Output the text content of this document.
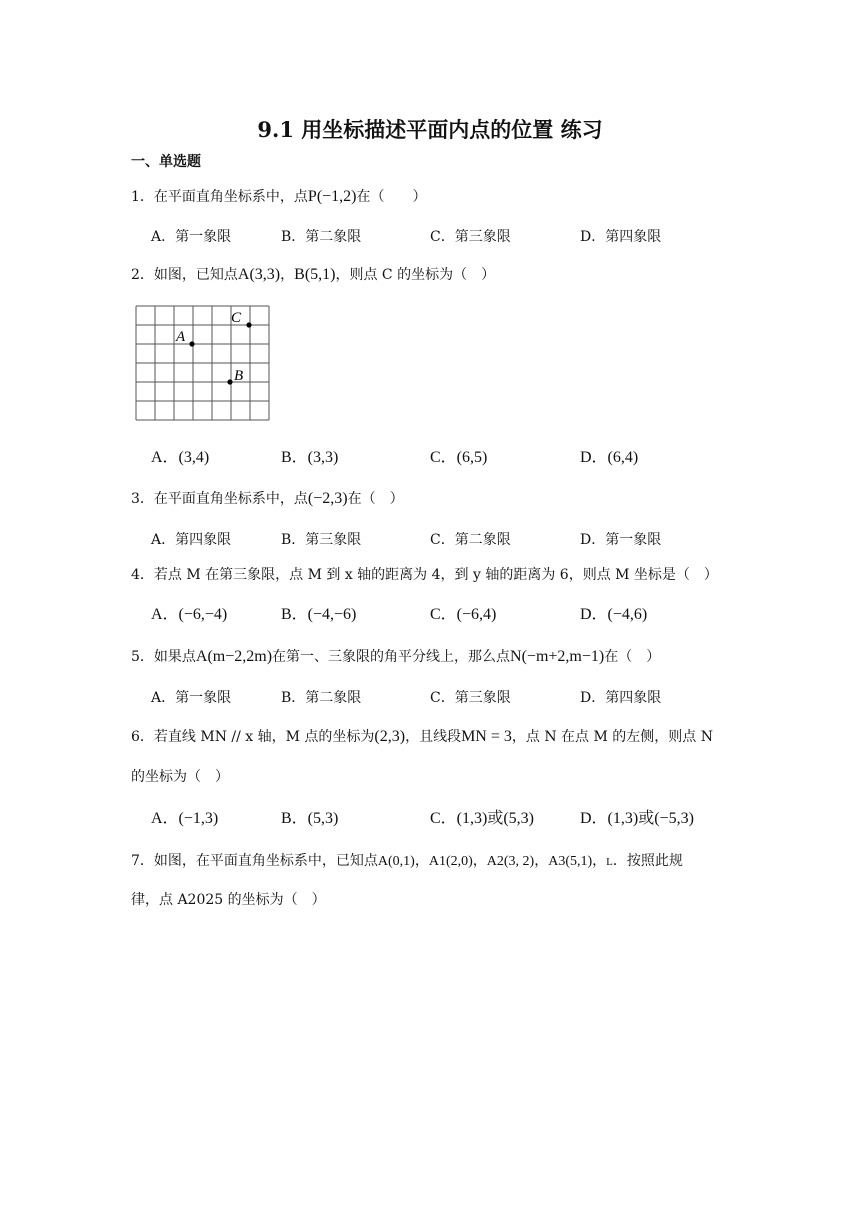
9.1 用坐标描述平面内点的位置 练习
一、单选题
1．在平面直角坐标系中，点P(−1,2)在（　　）
A．第一象限	B．第二象限	C．第三象限	D．第四象限
2．如图，已知点A(3,3)，B(5,1)，则点 C 的坐标为（　）
A
B
C
A．(3,4)	B．(3,3)	C．(6,5)	D．(6,4)
3．在平面直角坐标系中，点(−2,3)在（　）
A．第四象限	B．第三象限	C．第二象限	D．第一象限
4．若点 M 在第三象限，点 M 到 x 轴的距离为 4，到 y 轴的距离为 6，则点 M 坐标是（　）
A．(−6,−4)	B．(−4,−6)	C．(−6,4)	D．(−4,6)
5．如果点A(m−2,2m)在第一、三象限的角平分线上，那么点N(−m+2,m−1)在（　）
A．第一象限	B．第二象限	C．第三象限	D．第四象限
6．若直线 MN // x 轴，M 点的坐标为(2,3)，且线段MN = 3，点 N 在点 M 的左侧，则点 N
的坐标为（　）
A．(−1,3)	B．(5,3)	C．(1,3)或(5,3)	D．(1,3)或(−5,3)
7．如图，在平面直角坐标系中，已知点A(0,1)，A1(2,0)，A2(3, 2)，A3(5,1)，L．按照此规
律，点 A2025 的坐标为（　）
